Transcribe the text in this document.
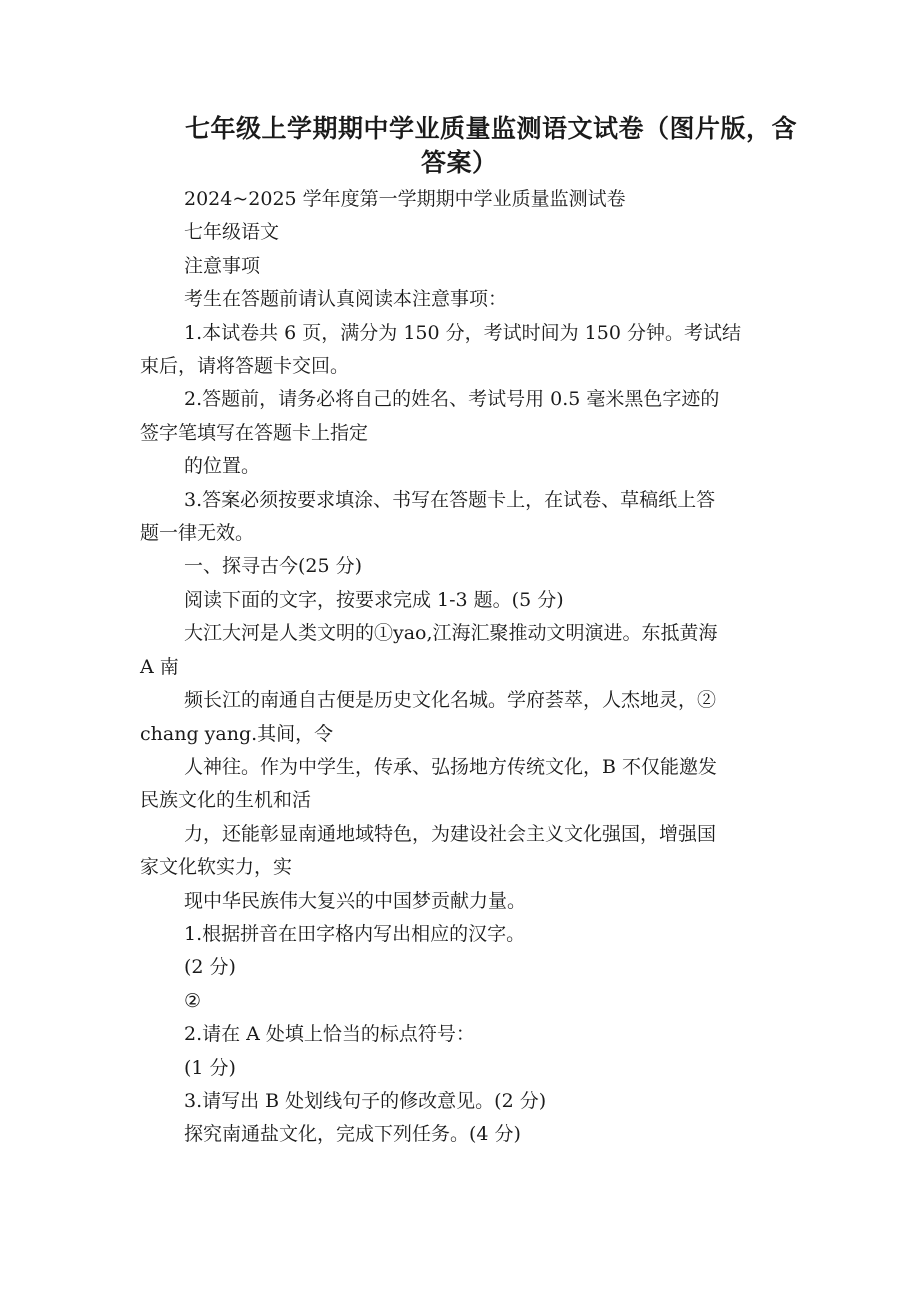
七年级上学期期中学业质量监测语文试卷（图片版，含
答案）
2024~2025 学年度第一学期期中学业质量监测试卷
七年级语文
注意事项
考生在答题前请认真阅读本注意事项：
1.本试卷共 6 页，满分为 150 分，考试时间为 150 分钟。考试结
束后，请将答题卡交回。
2.答题前，请务必将自己的姓名、考试号用 0.5 毫米黑色字迹的
签字笔填写在答题卡上指定
的位置。
3.答案必须按要求填涂、书写在答题卡上，在试卷、草稿纸上答
题一律无效。
一、探寻古今(25 分)
阅读下面的文字，按要求完成 1-3 题。(5 分)
大江大河是人类文明的①yao,江海汇聚推动文明演进。东抵黄海
A 南
频长江的南通自古便是历史文化名城。学府荟萃，人杰地灵，②
chang yang.其间，令
人神往。作为中学生，传承、弘扬地方传统文化，B 不仅能邀发
民族文化的生机和活
力，还能彰显南通地域特色，为建设社会主义文化强国，增强国
家文化软实力，实
现中华民族伟大复兴的中国梦贡献力量。
1.根据拼音在田字格内写出相应的汉字。
(2 分)
②
2.请在 A 处填上恰当的标点符号：
(1 分)
3.请写出 B 处划线句子的修改意见。(2 分)
探究南通盐文化，完成下列任务。(4 分)
